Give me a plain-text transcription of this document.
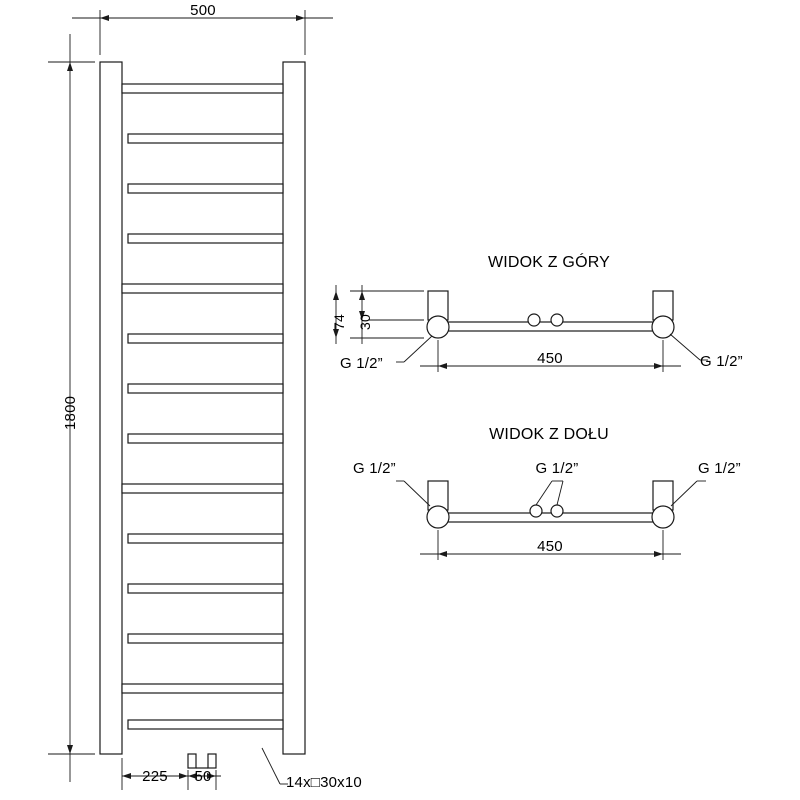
500
1800
225 50	14x□30x10
WIDOK Z GÓRY
74 30
450
G 1/2”	G 1/2”
WIDOK Z DOŁU
G 1/2”	G 1/2”	G 1/2”
450
